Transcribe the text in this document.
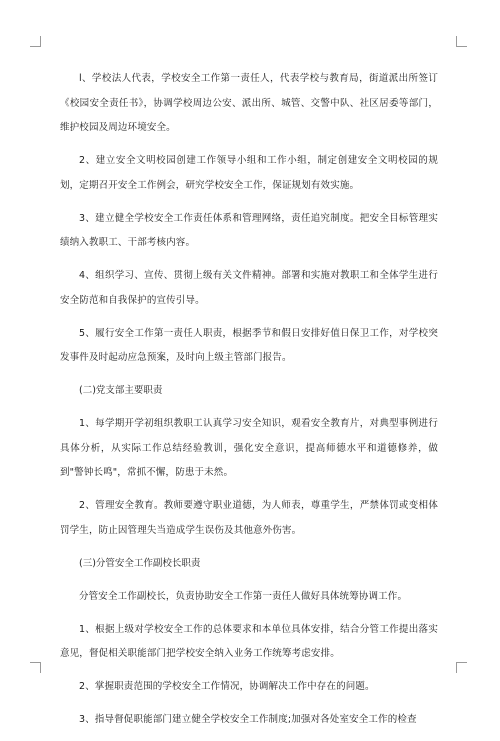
l、学校法人代表，学校安全工作第一责任人，代表学校与教育局，街道派出所签订《校园安全责任书》，协调学校周边公安、派出所、城管、交警中队、社区居委等部门，维护校园及周边环境安全。

2、建立安全文明校园创建工作领导小组和工作小组，制定创建安全文明校园的规划，定期召开安全工作例会，研究学校安全工作，保证规划有效实施。

3、建立健全学校安全工作责任体系和管理网络，责任追究制度。把安全目标管理实绩纳入教职工、干部考核内容。

4、组织学习、宣传、贯彻上级有关文件精神。部署和实施对教职工和全体学生进行安全防范和自我保护的宣传引导。

5、履行安全工作第一责任人职责，根据季节和假日安排好值日保卫工作，对学校突发事件及时起动应急预案，及时向上级主管部门报告。

(二)党支部主要职责

1、每学期开学初组织教职工认真学习安全知识，观看安全教育片，对典型事例进行具体分析，从实际工作总结经验教训，强化安全意识，提高师德水平和道德修养，做到"警钟长鸣"，常抓不懈，防患于未然。

2、管理安全教育。教师要遵守职业道德，为人师表，尊重学生，严禁体罚或变相体罚学生，防止因管理失当造成学生误伤及其他意外伤害。

(三)分管安全工作副校长职责

分管安全工作副校长，负责协助安全工作第一责任人做好具体统筹协调工作。

1、根据上级对学校安全工作的总体要求和本单位具体安排，结合分管工作提出落实意见，督促相关职能部门把学校安全纳入业务工作统筹考虑安排。

2、掌握职责范围的学校安全工作情况，协调解决工作中存在的问题。

3、指导督促职能部门建立健全学校安全工作制度;加强对各处室安全工作的检查
